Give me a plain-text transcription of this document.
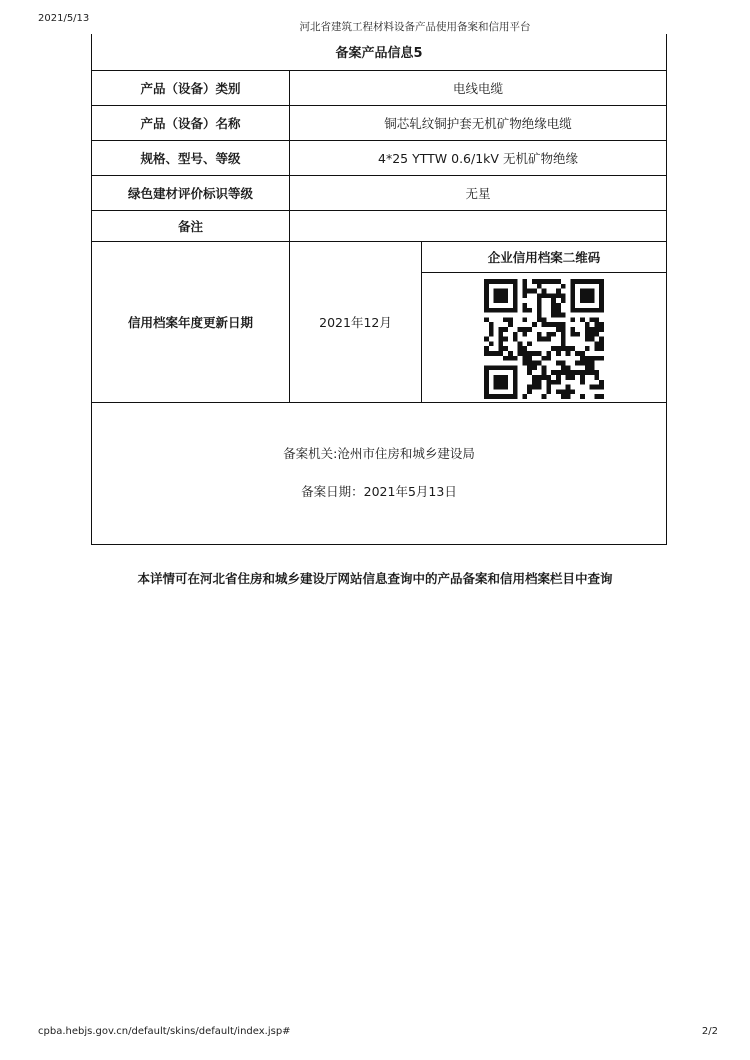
2021/5/13
河北省建筑工程材料设备产品使用备案和信用平台
备案产品信息5
产品（设备）类别	电线电缆
产品（设备）名称	铜芯轧纹铜护套无机矿物绝缘电缆
规格、型号、等级	4*25 YTTW 0.6/1kV 无机矿物绝缘
绿色建材评价标识等级	无星
备注
信用档案年度更新日期	2021年12月
企业信用档案二维码
备案机关:沧州市住房和城乡建设局
备案日期：2021年5月13日
本详情可在河北省住房和城乡建设厅网站信息查询中的产品备案和信用档案栏目中查询
cpba.hebjs.gov.cn/default/skins/default/index.jsp#	2/2
